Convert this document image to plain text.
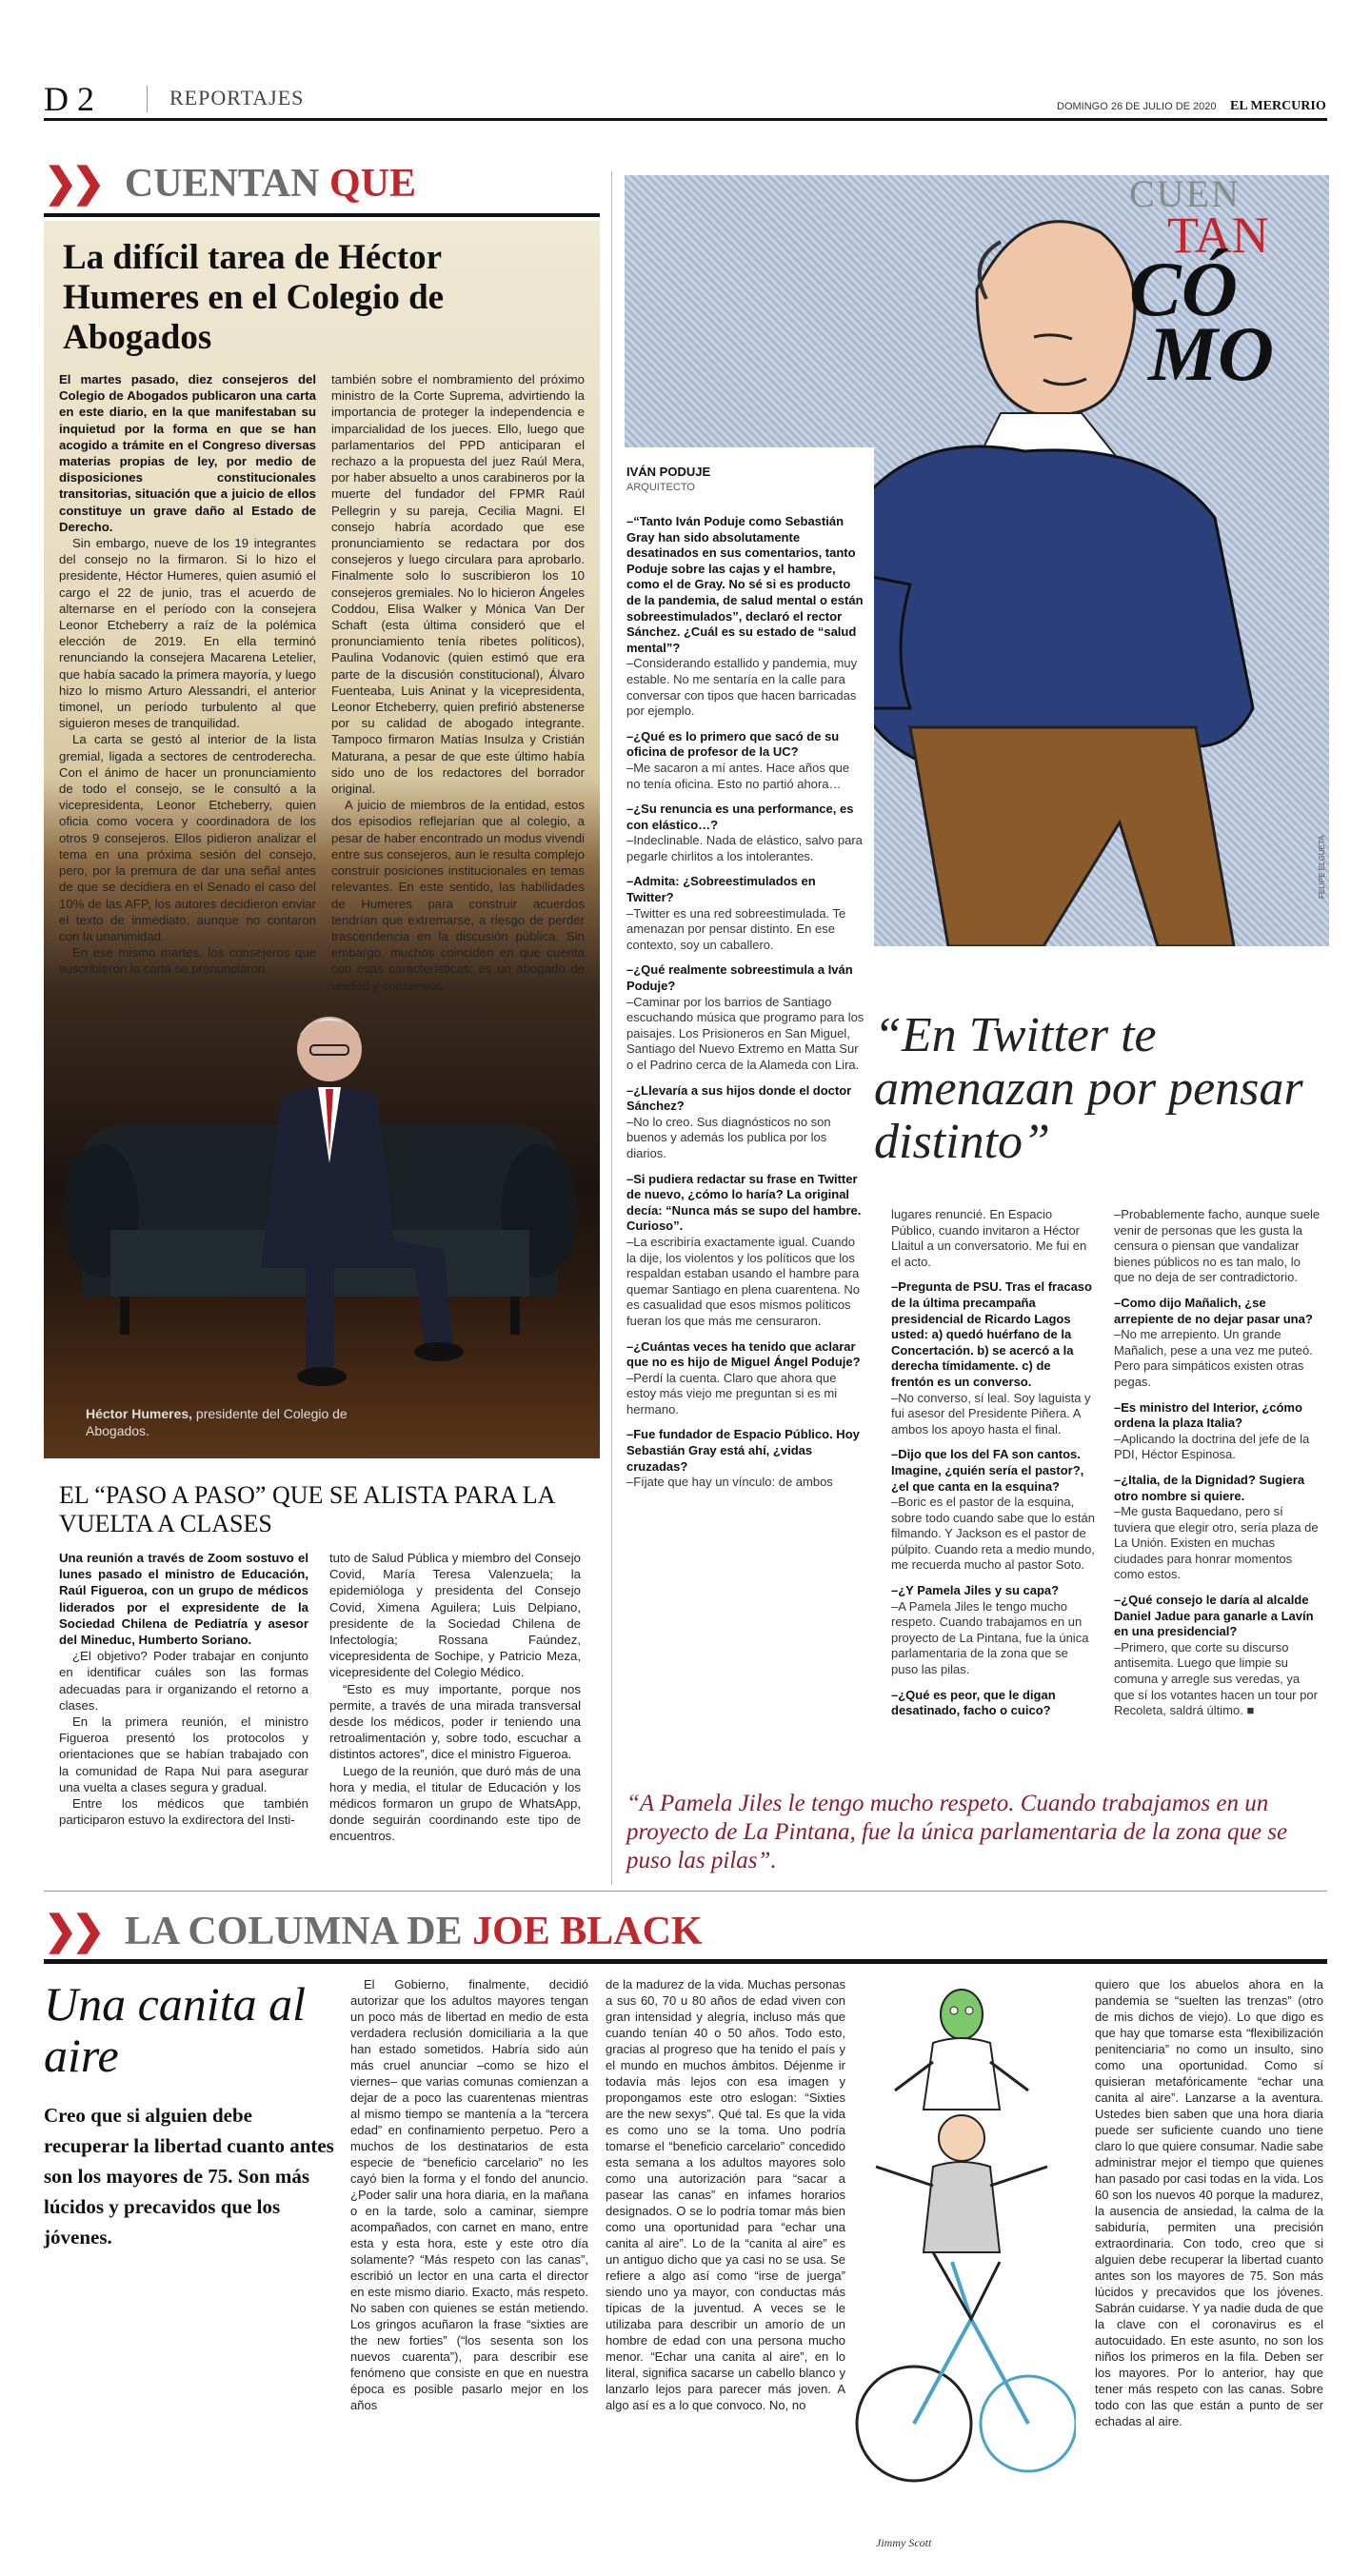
D 2	REPORTAJES	DOMINGO 26 DE JULIO DE 2020 EL MERCURIO
❯❯ CUENTAN QUE
La difícil tarea de Héctor Humeres en el Colegio de Abogados

El martes pasado, diez consejeros del Colegio de Abogados publicaron una carta en este diario, en la que manifestaban su inquietud por la forma en que se han acogido a trámite en el Congreso diversas materias propias de ley, por medio de disposiciones constitucionales transitorias, situación que a juicio de ellos constituye un grave daño al Estado de Derecho.

Sin embargo, nueve de los 19 integrantes del consejo no la firmaron. Si lo hizo el presidente, Héctor Humeres, quien asumió el cargo el 22 de junio, tras el acuerdo de alternarse en el período con la consejera Leonor Etcheberry a raíz de la polémica elección de 2019. En ella terminó renunciando la consejera Macarena Letelier, que había sacado la primera mayoría, y luego hizo lo mismo Arturo Alessandri, el anterior timonel, un período turbulento al que siguieron meses de tranquilidad.

La carta se gestó al interior de la lista gremial, ligada a sectores de centroderecha. Con el ánimo de hacer un pronunciamiento de todo el consejo, se le consultó a la vicepresidenta, Leonor Etcheberry, quien oficia como vocera y coordinadora de los otros 9 consejeros. Ellos pidieron analizar el tema en una próxima sesión del consejo, pero, por la premura de dar una señal antes de que se decidiera en el Senado el caso del 10% de las AFP, los autores decidieron enviar el texto de inmediato, aunque no contaron con la unanimidad.

En ese mismo martes, los consejeros que suscribieron la carta se pronunciaron

también sobre el nombramiento del próximo ministro de la Corte Suprema, advirtiendo la importancia de proteger la independencia e imparcialidad de los jueces. Ello, luego que parlamentarios del PPD anticiparan el rechazo a la propuesta del juez Raúl Mera, por haber absuelto a unos carabineros por la muerte del fundador del FPMR Raúl Pellegrin y su pareja, Cecilia Magni. El consejo habría acordado que ese pronunciamiento se redactara por dos consejeros y luego circulara para aprobarlo. Finalmente solo lo suscribieron los 10 consejeros gremiales. No lo hicieron Ángeles Coddou, Elisa Walker y Mónica Van Der Schaft (esta última consideró que el pronunciamiento tenía ribetes políticos), Paulina Vodanovic (quien estimó que era parte de la discusión constitucional), Álvaro Fuenteaba, Luis Aninat y la vicepresidenta, Leonor Etcheberry, quien prefirió abstenerse por su calidad de abogado integrante. Tampoco firmaron Matías Insulza y Cristián Maturana, a pesar de que este último había sido uno de los redactores del borrador original.

A juicio de miembros de la entidad, estos dos episodios reflejarían que al colegio, a pesar de haber encontrado un modus vivendi entre sus consejeros, aun le resulta complejo construir posiciones institucionales en temas relevantes. En este sentido, las habilidades de Humeres para construir acuerdos tendrían que extremarse, a riesgo de perder trascendencia en la discusión pública. Sin embargo, muchos coinciden en que cuenta con esas características: es un abogado de unidad y consensos.

Héctor Humeres, presidente del Colegio de Abogados.
EL “PASO A PASO” QUE SE ALISTA PARA LA VUELTA A CLASES

Una reunión a través de Zoom sostuvo el lunes pasado el ministro de Educación, Raúl Figueroa, con un grupo de médicos liderados por el expresidente de la Sociedad Chilena de Pediatría y asesor del Mineduc, Humberto Soriano.

¿El objetivo? Poder trabajar en conjunto en identificar cuáles son las formas adecuadas para ir organizando el retorno a clases.

En la primera reunión, el ministro Figueroa presentó los protocolos y orientaciones que se habían trabajado con la comunidad de Rapa Nui para asegurar una vuelta a clases segura y gradual.

Entre los médicos que también participaron estuvo la exdirectora del Insti-

tuto de Salud Pública y miembro del Consejo Covid, María Teresa Valenzuela; la epidemióloga y presidenta del Consejo Covid, Ximena Aguilera; Luis Delpiano, presidente de la Sociedad Chilena de Infectología; Rossana Faúndez, vicepresidenta de Sochipe, y Patricio Meza, vicepresidente del Colegio Médico.

“Esto es muy importante, porque nos permite, a través de una mirada transversal desde los médicos, poder ir teniendo una retroalimentación y, sobre todo, escuchar a distintos actores”, dice el ministro Figueroa.

Luego de la reunión, que duró más de una hora y media, el titular de Educación y los médicos formaron un grupo de WhatsApp, donde seguirán coordinando este tipo de encuentros.

CUEN
TAN
CÓ
MO
FELIPE ELGUETA
IVÁN PODUJE
ARQUITECTO

–“Tanto Iván Poduje como Sebastián Gray han sido absolutamente desatinados en sus comentarios, tanto Poduje sobre las cajas y el hambre, como el de Gray. No sé si es producto de la pandemia, de salud mental o están sobreestimulados”, declaró el rector Sánchez. ¿Cuál es su estado de “salud mental”?

–Considerando estallido y pandemia, muy estable. No me sentaría en la calle para conversar con tipos que hacen barricadas por ejemplo.

–¿Qué es lo primero que sacó de su oficina de profesor de la UC?

–Me sacaron a mí antes. Hace años que no tenía oficina. Esto no partió ahora…

–¿Su renuncia es una performance, es con elástico…?

–Indeclinable. Nada de elástico, salvo para pegarle chirlitos a los intolerantes.

–Admita: ¿Sobreestimulados en Twitter?

–Twitter es una red sobreestimulada. Te amenazan por pensar distinto. En ese contexto, soy un caballero.

–¿Qué realmente sobreestimula a Iván Poduje?

–Caminar por los barrios de Santiago escuchando música que programo para los paisajes. Los Prisioneros en San Miguel, Santiago del Nuevo Extremo en Matta Sur o el Padrino cerca de la Alameda con Lira.

–¿Llevaría a sus hijos donde el doctor Sánchez?

–No lo creo. Sus diagnósticos no son buenos y además los publica por los diarios.

–Si pudiera redactar su frase en Twitter de nuevo, ¿cómo lo haría? La original decía: “Nunca más se supo del hambre. Curioso”.

–La escribiría exactamente igual. Cuando la dije, los violentos y los políticos que los respaldan estaban usando el hambre para quemar Santiago en plena cuarentena. No es casualidad que esos mismos políticos fueran los que más me censuraron.

–¿Cuántas veces ha tenido que aclarar que no es hijo de Miguel Ángel Poduje?

–Perdí la cuenta. Claro que ahora que estoy más viejo me preguntan si es mi hermano.

–Fue fundador de Espacio Público. Hoy Sebastián Gray está ahí, ¿vidas cruzadas?

–Fíjate que hay un vínculo: de ambos

“En Twitter te amenazan por pensar distinto”

lugares renuncié. En Espacio Público, cuando invitaron a Héctor Llaitul a un conversatorio. Me fui en el acto.

–Pregunta de PSU. Tras el fracaso de la última precampaña presidencial de Ricardo Lagos usted: a) quedó huérfano de la Concertación. b) se acercó a la derecha tímidamente. c) de frentón es un converso.

–No converso, sí leal. Soy laguista y fui asesor del Presidente Piñera. A ambos los apoyo hasta el final.

–Dijo que los del FA son cantos. Imagine, ¿quién sería el pastor?, ¿el que canta en la esquina?

–Boric es el pastor de la esquina, sobre todo cuando sabe que lo están filmando. Y Jackson es el pastor de púlpito. Cuando reta a medio mundo, me recuerda mucho al pastor Soto.

–¿Y Pamela Jiles y su capa?

–A Pamela Jiles le tengo mucho respeto. Cuando trabajamos en un proyecto de La Pintana, fue la única parlamentaria de la zona que se puso las pilas.

–¿Qué es peor, que le digan desatinado, facho o cuico?

–Probablemente facho, aunque suele venir de personas que les gusta la censura o piensan que vandalizar bienes públicos no es tan malo, lo que no deja de ser contradictorio.

–Como dijo Mañalich, ¿se arrepiente de no dejar pasar una?

–No me arrepiento. Un grande Mañalich, pese a una vez me puteó. Pero para simpáticos existen otras pegas.

–Es ministro del Interior, ¿cómo ordena la plaza Italia?

–Aplicando la doctrina del jefe de la PDI, Héctor Espinosa.

–¿Italia, de la Dignidad? Sugiera otro nombre si quiere.

–Me gusta Baquedano, pero sí tuviera que elegir otro, sería plaza de La Unión. Existen en muchas ciudades para honrar momentos como estos.

–¿Qué consejo le daría al alcalde Daniel Jadue para ganarle a Lavín en una presidencial?

–Primero, que corte su discurso antisemita. Luego que limpie su comuna y arregle sus veredas, ya que sí los votantes hacen un tour por Recoleta, saldrá último. ■

“A Pamela Jiles le tengo mucho respeto. Cuando trabajamos en un proyecto de La Pintana, fue la única parlamentaria de la zona que se puso las pilas”.
❯❯ LA COLUMNA DE JOE BLACK
Una canita al aire
Creo que si alguien debe recuperar la libertad cuanto antes son los mayores de 75. Son más lúcidos y precavidos que los jóvenes.

El Gobierno, finalmente, decidió autorizar que los adultos mayores tengan un poco más de libertad en medio de esta verdadera reclusión domiciliaria a la que han estado sometidos. Habría sido aún más cruel anunciar –como se hizo el viernes– que varias comunas comienzan a dejar de a poco las cuarentenas mientras al mismo tiempo se mantenía a la “tercera edad” en confinamiento perpetuo. Pero a muchos de los destinatarios de esta especie de “beneficio carcelario” no les cayó bien la forma y el fondo del anuncio. ¿Poder salir una hora diaria, en la mañana o en la tarde, solo a caminar, siempre acompañados, con carnet en mano, entre esta y esta hora, este y este otro día solamente? “Más respeto con las canas”, escribió un lector en una carta el director en este mismo diario. Exacto, más respeto. No saben con quienes se están metiendo. Los gringos acuñaron la frase “sixties are the new forties” (“los sesenta son los nuevos cuarenta”), para describir ese fenómeno que consiste en que en nuestra época es posible pasarlo mejor en los años

de la madurez de la vida. Muchas personas a sus 60, 70 u 80 años de edad viven con gran intensidad y alegría, incluso más que cuando tenían 40 o 50 años. Todo esto, gracias al progreso que ha tenido el país y el mundo en muchos ámbitos. Déjenme ir todavía más lejos con esa imagen y propongamos este otro eslogan: “Sixties are the new sexys”. Qué tal. Es que la vida es como uno se la toma. Uno podría tomarse el “beneficio carcelario” concedido esta semana a los adultos mayores solo como una autorización para “sacar a pasear las canas” en infames horarios designados. O se lo podría tomar más bien como una oportunidad para “echar una canita al aire”. Lo de la “canita al aire” es un antiguo dicho que ya casi no se usa. Se refiere a algo así como “irse de juerga” siendo uno ya mayor, con conductas más típicas de la juventud. A veces se le utilizaba para describir un amorío de un hombre de edad con una persona mucho menor. “Echar una canita al aire”, en lo literal, significa sacarse un cabello blanco y lanzarlo lejos para parecer más joven. A algo así es a lo que convoco. No, no

Jimmy Scott

quiero que los abuelos ahora en la pandemia se “suelten las trenzas” (otro de mis dichos de viejo). Lo que digo es que hay que tomarse esta “flexibilización penitenciaria” no como un insulto, sino como una oportunidad. Como sí quisieran metafóricamente “echar una canita al aire”. Lanzarse a la aventura. Ustedes bien saben que una hora diaria puede ser suficiente cuando uno tiene claro lo que quiere consumar. Nadie sabe administrar mejor el tiempo que quienes han pasado por casi todas en la vida. Los 60 son los nuevos 40 porque la madurez, la ausencia de ansiedad, la calma de la sabiduría, permiten una precisión extraordinaria. Con todo, creo que si alguien debe recuperar la libertad cuanto antes son los mayores de 75. Son más lúcidos y precavidos que los jóvenes. Sabrán cuidarse. Y ya nadie duda de que la clave con el coronavirus es el autocuidado. En este asunto, no son los niños los primeros en la fila. Deben ser los mayores. Por lo anterior, hay que tener más respeto con las canas. Sobre todo con las que están a punto de ser echadas al aire.
